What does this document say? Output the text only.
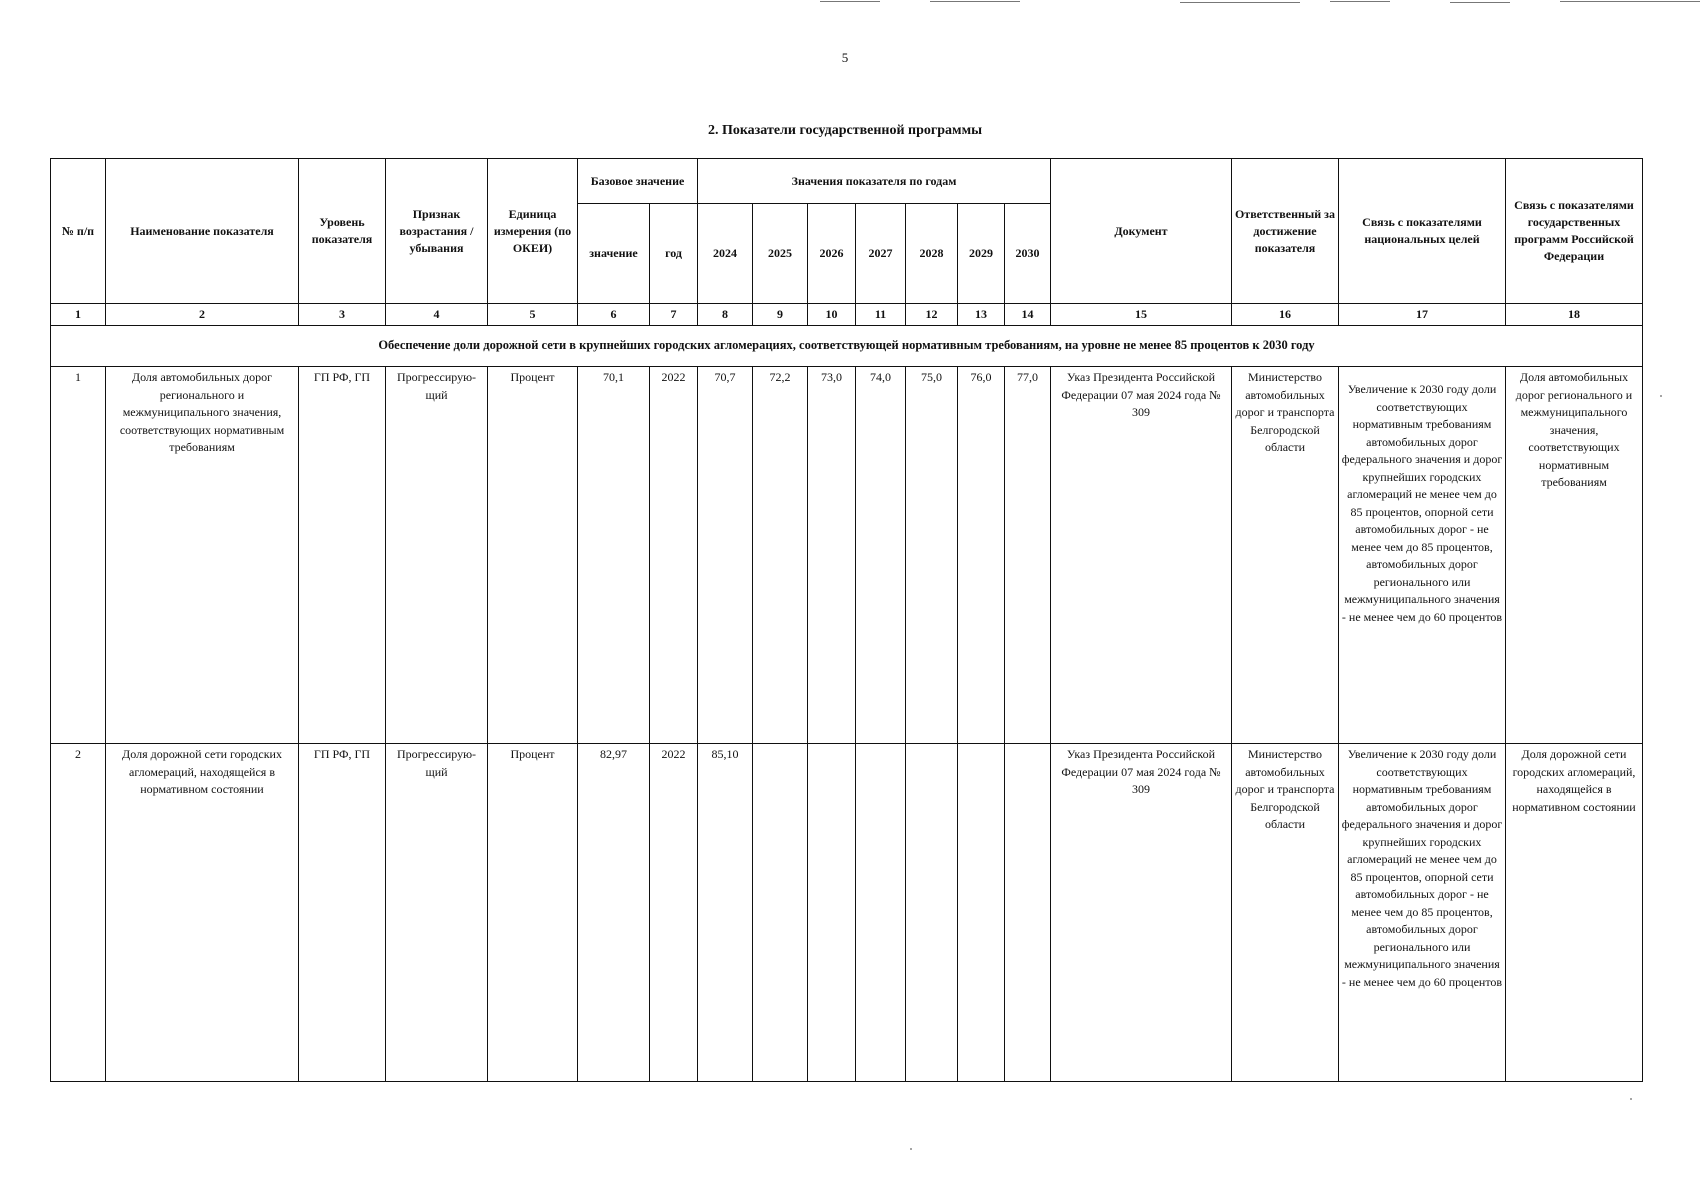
5
2. Показатели государственной программы
№ п/п	Наименование показателя	Уровень показателя	Признак возрастания / убывания	Единица измерения (по ОКЕИ)	Базовое значение		Значения показателя по годам							Документ	Ответственный за достижение показателя	Связь с показателями национальных целей	Связь с показателями государственных программ Российской Федерации
					значение	год	2024	2025	2026	2027	2028	2029	2030				
1	2	3	4	5	6	7	8	9	10	11	12	13	14	15	16	17	18
Обеспечение доли дорожной сети в крупнейших городских агломерациях, соответствующей нормативным требованиям, на уровне не менее 85 процентов к 2030 году																	
1	Доля автомобильных дорог регионального и межмуниципального значения, соответствующих нормативным требованиям	ГП РФ, ГП	Прогрессирую-щий	Процент	70,1	2022	70,7	72,2	73,0	74,0	75,0	76,0	77,0	Указ Президента Российской Федерации 07 мая 2024 года № 309	Министерство автомобильных дорог и транспорта Белгородской области	Увеличение к 2030 году доли соответствующих нормативным требованиям автомобильных дорог федерального значения и дорог крупнейших городских агломераций не менее чем до 85 процентов, опорной сети автомобильных дорог - не менее чем до 85 процентов, автомобильных дорог регионального или межмуниципального значения - не менее чем до 60 процентов	Доля автомобильных дорог регионального и межмуниципального значения, соответствующих нормативным требованиям
2	Доля дорожной сети городских агломераций, находящейся в нормативном состоянии	ГП РФ, ГП	Прогрессирую-щий	Процент	82,97	2022	85,10							Указ Президента Российской Федерации 07 мая 2024 года № 309	Министерство автомобильных дорог и транспорта Белгородской области	Увеличение к 2030 году доли соответствующих нормативным требованиям автомобильных дорог федерального значения и дорог крупнейших городских агломераций не менее чем до 85 процентов, опорной сети автомобильных дорог - не менее чем до 85 процентов, автомобильных дорог регионального или межмуниципального значения - не менее чем до 60 процентов	Доля дорожной сети городских агломераций, находящейся в нормативном состоянии
